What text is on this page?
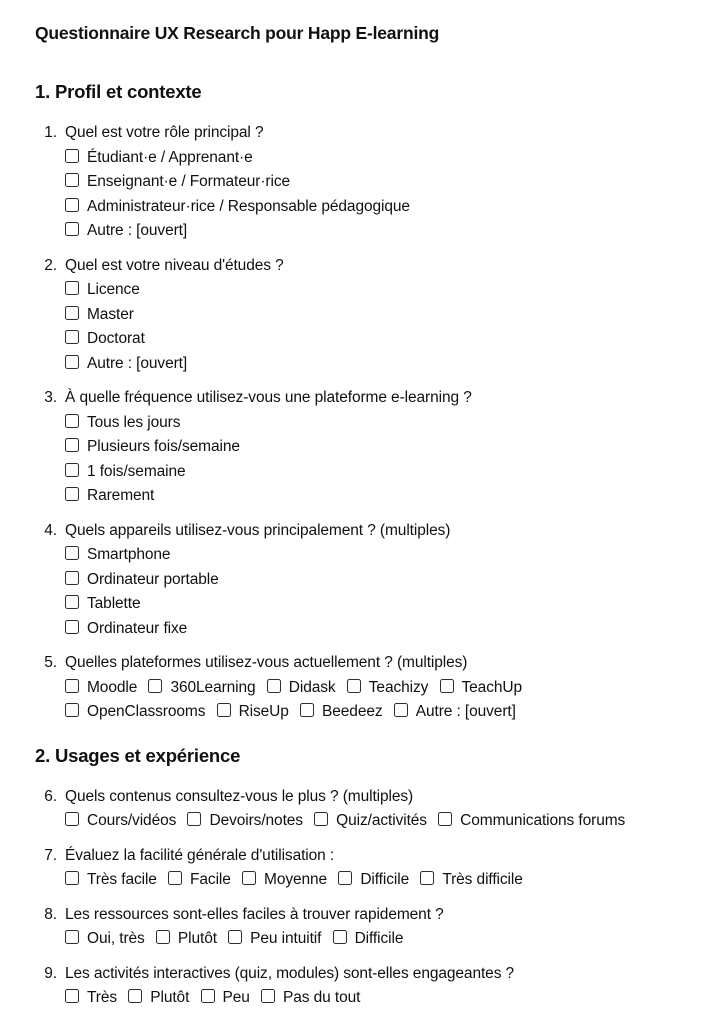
Questionnaire UX Research pour Happ E-learning
1. Profil et contexte
1. Quel est votre rôle principal ?
Étudiant·e / Apprenant·e
Enseignant·e / Formateur·rice
Administrateur·rice / Responsable pédagogique
Autre : [ouvert]
2. Quel est votre niveau d'études ?
Licence
Master
Doctorat
Autre : [ouvert]
3. À quelle fréquence utilisez-vous une plateforme e-learning ?
Tous les jours
Plusieurs fois/semaine
1 fois/semaine
Rarement
4. Quels appareils utilisez-vous principalement ? (multiples)
Smartphone
Ordinateur portable
Tablette
Ordinateur fixe
5. Quelles plateformes utilisez-vous actuellement ? (multiples)
Moodle 360Learning Didask Teachizy TeachUp
OpenClassrooms RiseUp Beedeez Autre : [ouvert]
2. Usages et expérience
6. Quels contenus consultez-vous le plus ? (multiples)
Cours/vidéos Devoirs/notes Quiz/activités Communications forums
7. Évaluez la facilité générale d'utilisation :
Très facile Facile Moyenne Difficile Très difficile
8. Les ressources sont-elles faciles à trouver rapidement ?
Oui, très Plutôt Peu intuitif Difficile
9. Les activités interactives (quiz, modules) sont-elles engageantes ?
Très Plutôt Peu Pas du tout
